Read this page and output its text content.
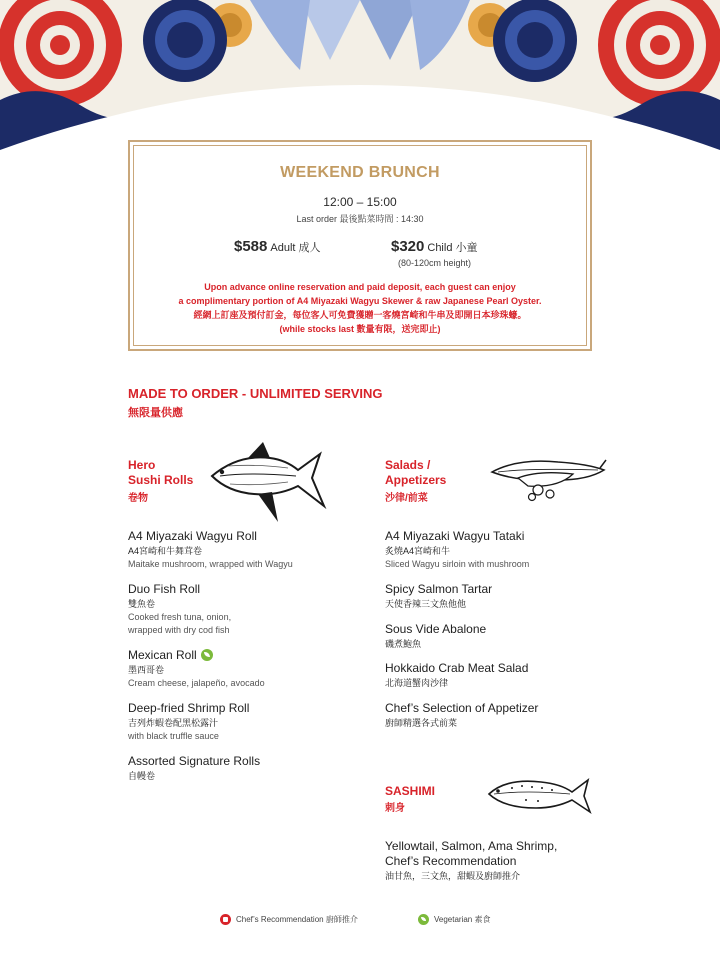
WEEKEND BRUNCH
12:00 – 15:00
Last order 最後點菜時間 : 14:30
$588 Adult 成人	$320 Child 小童
(80-120cm height)
Upon advance online reservation and paid deposit, each guest can enjoy
a complimentary portion of A4 Miyazaki Wagyu Skewer & raw Japanese Pearl Oyster.
經網上訂座及預付訂金，每位客人可免費獲贈一客燒宮崎和牛串及即開日本珍珠蠔。
(while stocks last 數量有限，送完即止)
MADE TO ORDER - UNLIMITED SERVING
無限量供應
Hero
Sushi Rolls
卷物
A4 Miyazaki Wagyu Roll
A4宮崎和牛舞茸卷
Maitake mushroom, wrapped with Wagyu
Duo Fish Roll
雙魚卷
Cooked fresh tuna, onion,
wrapped with dry cod fish
Mexican Roll
墨西哥卷
Cream cheese, jalapeño, avocado
Deep-fried Shrimp Roll
吉列炸蝦卷配黑松露汁
with black truffle sauce
Assorted Signature Rolls
自幔卷
Salads /
Appetizers
沙律/前菜
A4 Miyazaki Wagyu Tataki
炙燒A4宮崎和牛
Sliced Wagyu sirloin with mushroom
Spicy Salmon Tartar
天使香辣三文魚他他
Sous Vide Abalone
磯煮鮑魚
Hokkaido Crab Meat Salad
北海道蟹肉沙律
Chef’s Selection of Appetizer
廚師精選各式前菜
SASHIMI
刺身
Yellowtail, Salmon, Ama Shrimp,
Chef’s Recommendation
油甘魚，三文魚，甜蝦及廚師推介
Chef’s Recommendation 廚師推介	Vegetarian 素食
